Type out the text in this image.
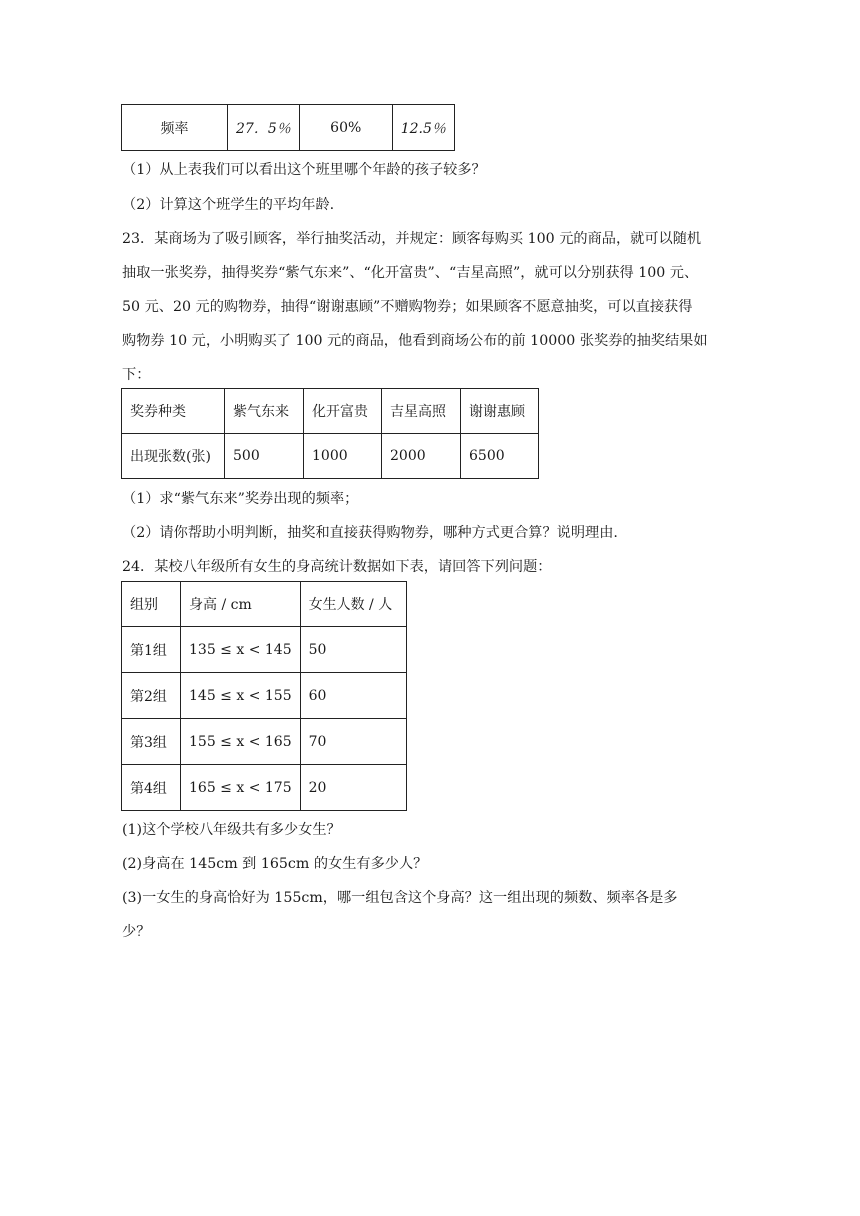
频率	27．5％	60%	12.5％
（1）从上表我们可以看出这个班里哪个年龄的孩子较多？
（2）计算这个班学生的平均年龄.
23．某商场为了吸引顾客，举行抽奖活动，并规定：顾客每购买 100 元的商品，就可以随机
抽取一张奖券，抽得奖券“紫气东来”、“化开富贵”、“吉星高照”，就可以分别获得 100 元、
50 元、20 元的购物券，抽得“谢谢惠顾”不赠购物券；如果顾客不愿意抽奖，可以直接获得
购物券 10 元，小明购买了 100 元的商品，他看到商场公布的前 10000 张奖券的抽奖结果如
下：
奖券种类	紫气东来	化开富贵	吉星高照	谢谢惠顾
出现张数(张)	500	1000	2000	6500
（1）求“紫气东来”奖券出现的频率；
（2）请你帮助小明判断，抽奖和直接获得购物券，哪种方式更合算？说明理由.
24．某校八年级所有女生的身高统计数据如下表，请回答下列问题：
组别	身高 / cm	女生人数 / 人
第1组	135 ≤ x < 145	50
第2组	145 ≤ x < 155	60
第3组	155 ≤ x < 165	70
第4组	165 ≤ x < 175	20
(1)这个学校八年级共有多少女生？
(2)身高在 145cm 到 165cm 的女生有多少人？
(3)一女生的身高恰好为 155cm，哪一组包含这个身高？这一组出现的频数、频率各是多
少？
